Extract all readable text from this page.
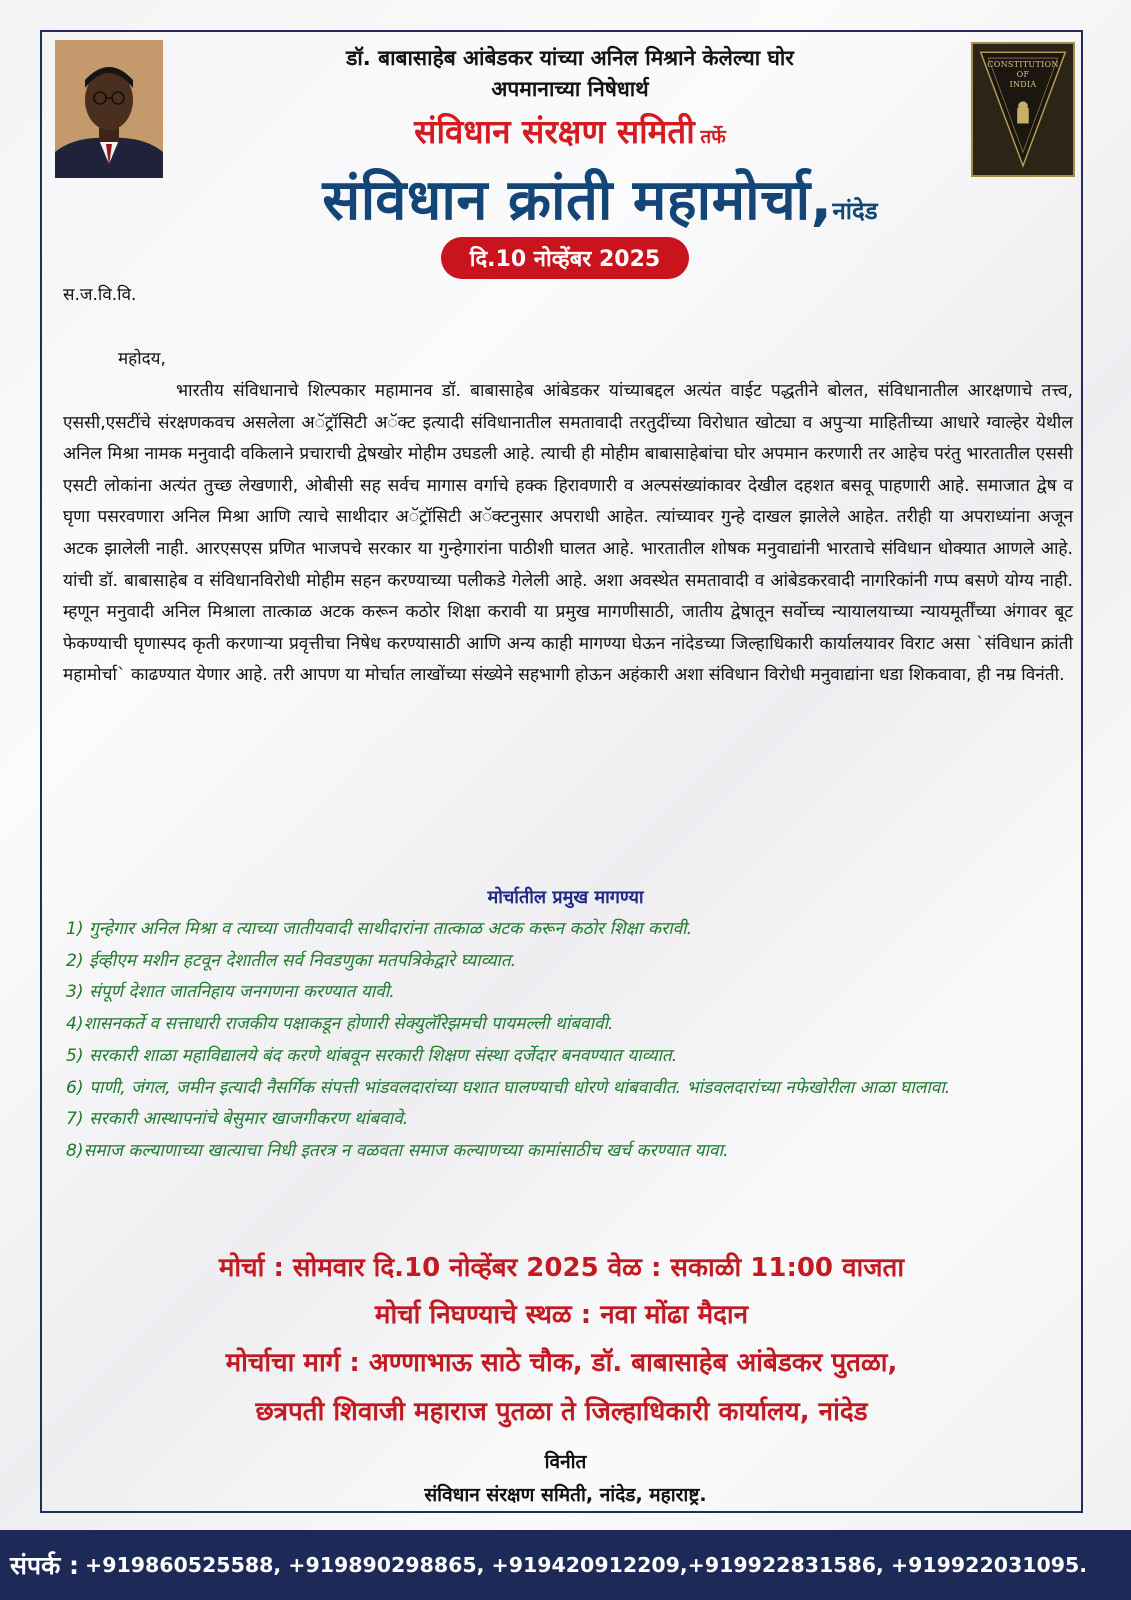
CONSTITUTION
OF
INDIA
डॉ. बाबासाहेब आंबेडकर यांच्या अनिल मिश्राने केलेल्या घोर
अपमानाच्या निषेधार्थ
संविधान संरक्षण समिती तर्फे
संविधान क्रांती महामोर्चा,नांदेड
दि.10 नोव्हेंबर 2025
स.ज.वि.वि.
महोदय,

भारतीय संविधानाचे शिल्पकार महामानव डॉ. बाबासाहेब आंबेडकर यांच्याबद्दल अत्यंत वाईट पद्धतीने बोलत, संविधानातील आरक्षणाचे तत्त्व, एससी,एसटींचे संरक्षणकवच असलेला अॅट्रॉसिटी अॅक्ट इत्यादी संविधानातील समतावादी तरतुदींच्या विरोधात खोट्या व अपुऱ्या माहितीच्या आधारे ग्वाल्हेर येथील अनिल मिश्रा नामक मनुवादी वकिलाने प्रचाराची द्वेषखोर मोहीम उघडली आहे. त्याची ही मोहीम बाबासाहेबांचा घोर अपमान करणारी तर आहेच परंतु भारतातील एससी एसटी लोकांना अत्यंत तुच्छ लेखणारी, ओबीसी सह सर्वच मागास वर्गाचे हक्क हिरावणारी व अल्पसंख्यांकावर देखील दहशत बसवू पाहणारी आहे. समाजात द्वेष व घृणा पसरवणारा अनिल मिश्रा आणि त्याचे साथीदार अॅट्रॉसिटी अॅक्टनुसार अपराधी आहेत. त्यांच्यावर गुन्हे दाखल झालेले आहेत. तरीही या अपराध्यांना अजून अटक झालेली नाही. आरएसएस प्रणित भाजपचे सरकार या गुन्हेगारांना पाठीशी घालत आहे. भारतातील शोषक मनुवाद्यांनी भारताचे संविधान धोक्यात आणले आहे. यांची डॉ. बाबासाहेब व संविधानविरोधी मोहीम सहन करण्याच्या पलीकडे गेलेली आहे. अशा अवस्थेत समतावादी व आंबेडकरवादी नागरिकांनी गप्प बसणे योग्य नाही. म्हणून मनुवादी अनिल मिश्राला तात्काळ अटक करून कठोर शिक्षा करावी या प्रमुख मागणीसाठी, जातीय द्वेषातून सर्वोच्च न्यायालयाच्या न्यायमूर्तींच्या अंगावर बूट फेकण्याची घृणास्पद कृती करणाऱ्या प्रवृत्तीचा निषेध करण्यासाठी आणि अन्य काही मागण्या घेऊन नांदेडच्या जिल्हाधिकारी कार्यालयावर विराट असा `संविधान क्रांती महामोर्चा` काढण्यात येणार आहे. तरी आपण या मोर्चात लाखोंच्या संख्येने सहभागी होऊन अहंकारी अशा संविधान विरोधी मनुवाद्यांना धडा शिकवावा, ही नम्र विनंती.

मोर्चातील प्रमुख मागण्या
1) गुन्हेगार अनिल मिश्रा व त्याच्या जातीयवादी साथीदारांना तात्काळ अटक करून कठोर शिक्षा करावी.
2) ईव्हीएम मशीन हटवून देशातील सर्व निवडणुका मतपत्रिकेद्वारे घ्याव्यात.
3) संपूर्ण देशात जातनिहाय जनगणना करण्यात यावी.
4)शासनकर्ते व सत्ताधारी राजकीय पक्षाकडून होणारी सेक्युलॅरिझमची पायमल्ली थांबवावी.
5) सरकारी शाळा महाविद्यालये बंद करणे थांबवून सरकारी शिक्षण संस्था दर्जेदार बनवण्यात याव्यात.
6) पाणी, जंगल, जमीन इत्यादी नैसर्गिक संपत्ती भांडवलदारांच्या घशात घालण्याची धोरणे थांबवावीत. भांडवलदारांच्या नफेखोरीला आळा घालावा.
7) सरकारी आस्थापनांचे बेसुमार खाजगीकरण थांबवावे.
8)समाज कल्याणाच्या खात्याचा निधी इतरत्र न वळवता समाज कल्याणच्या कामांसाठीच खर्च करण्यात यावा.
मोर्चा : सोमवार दि.10 नोव्हेंबर 2025 वेळ : सकाळी 11:00 वाजता
मोर्चा निघण्याचे स्थळ : नवा मोंढा मैदान
मोर्चाचा मार्ग : अण्णाभाऊ साठे चौक, डॉ. बाबासाहेब आंबेडकर पुतळा,
छत्रपती शिवाजी महाराज पुतळा ते जिल्हाधिकारी कार्यालय, नांदेड
विनीत
संविधान संरक्षण समिती, नांदेड, महाराष्ट्र.
संपर्क : +919860525588, +919890298865, +919420912209,+919922831586, +919922031095.
